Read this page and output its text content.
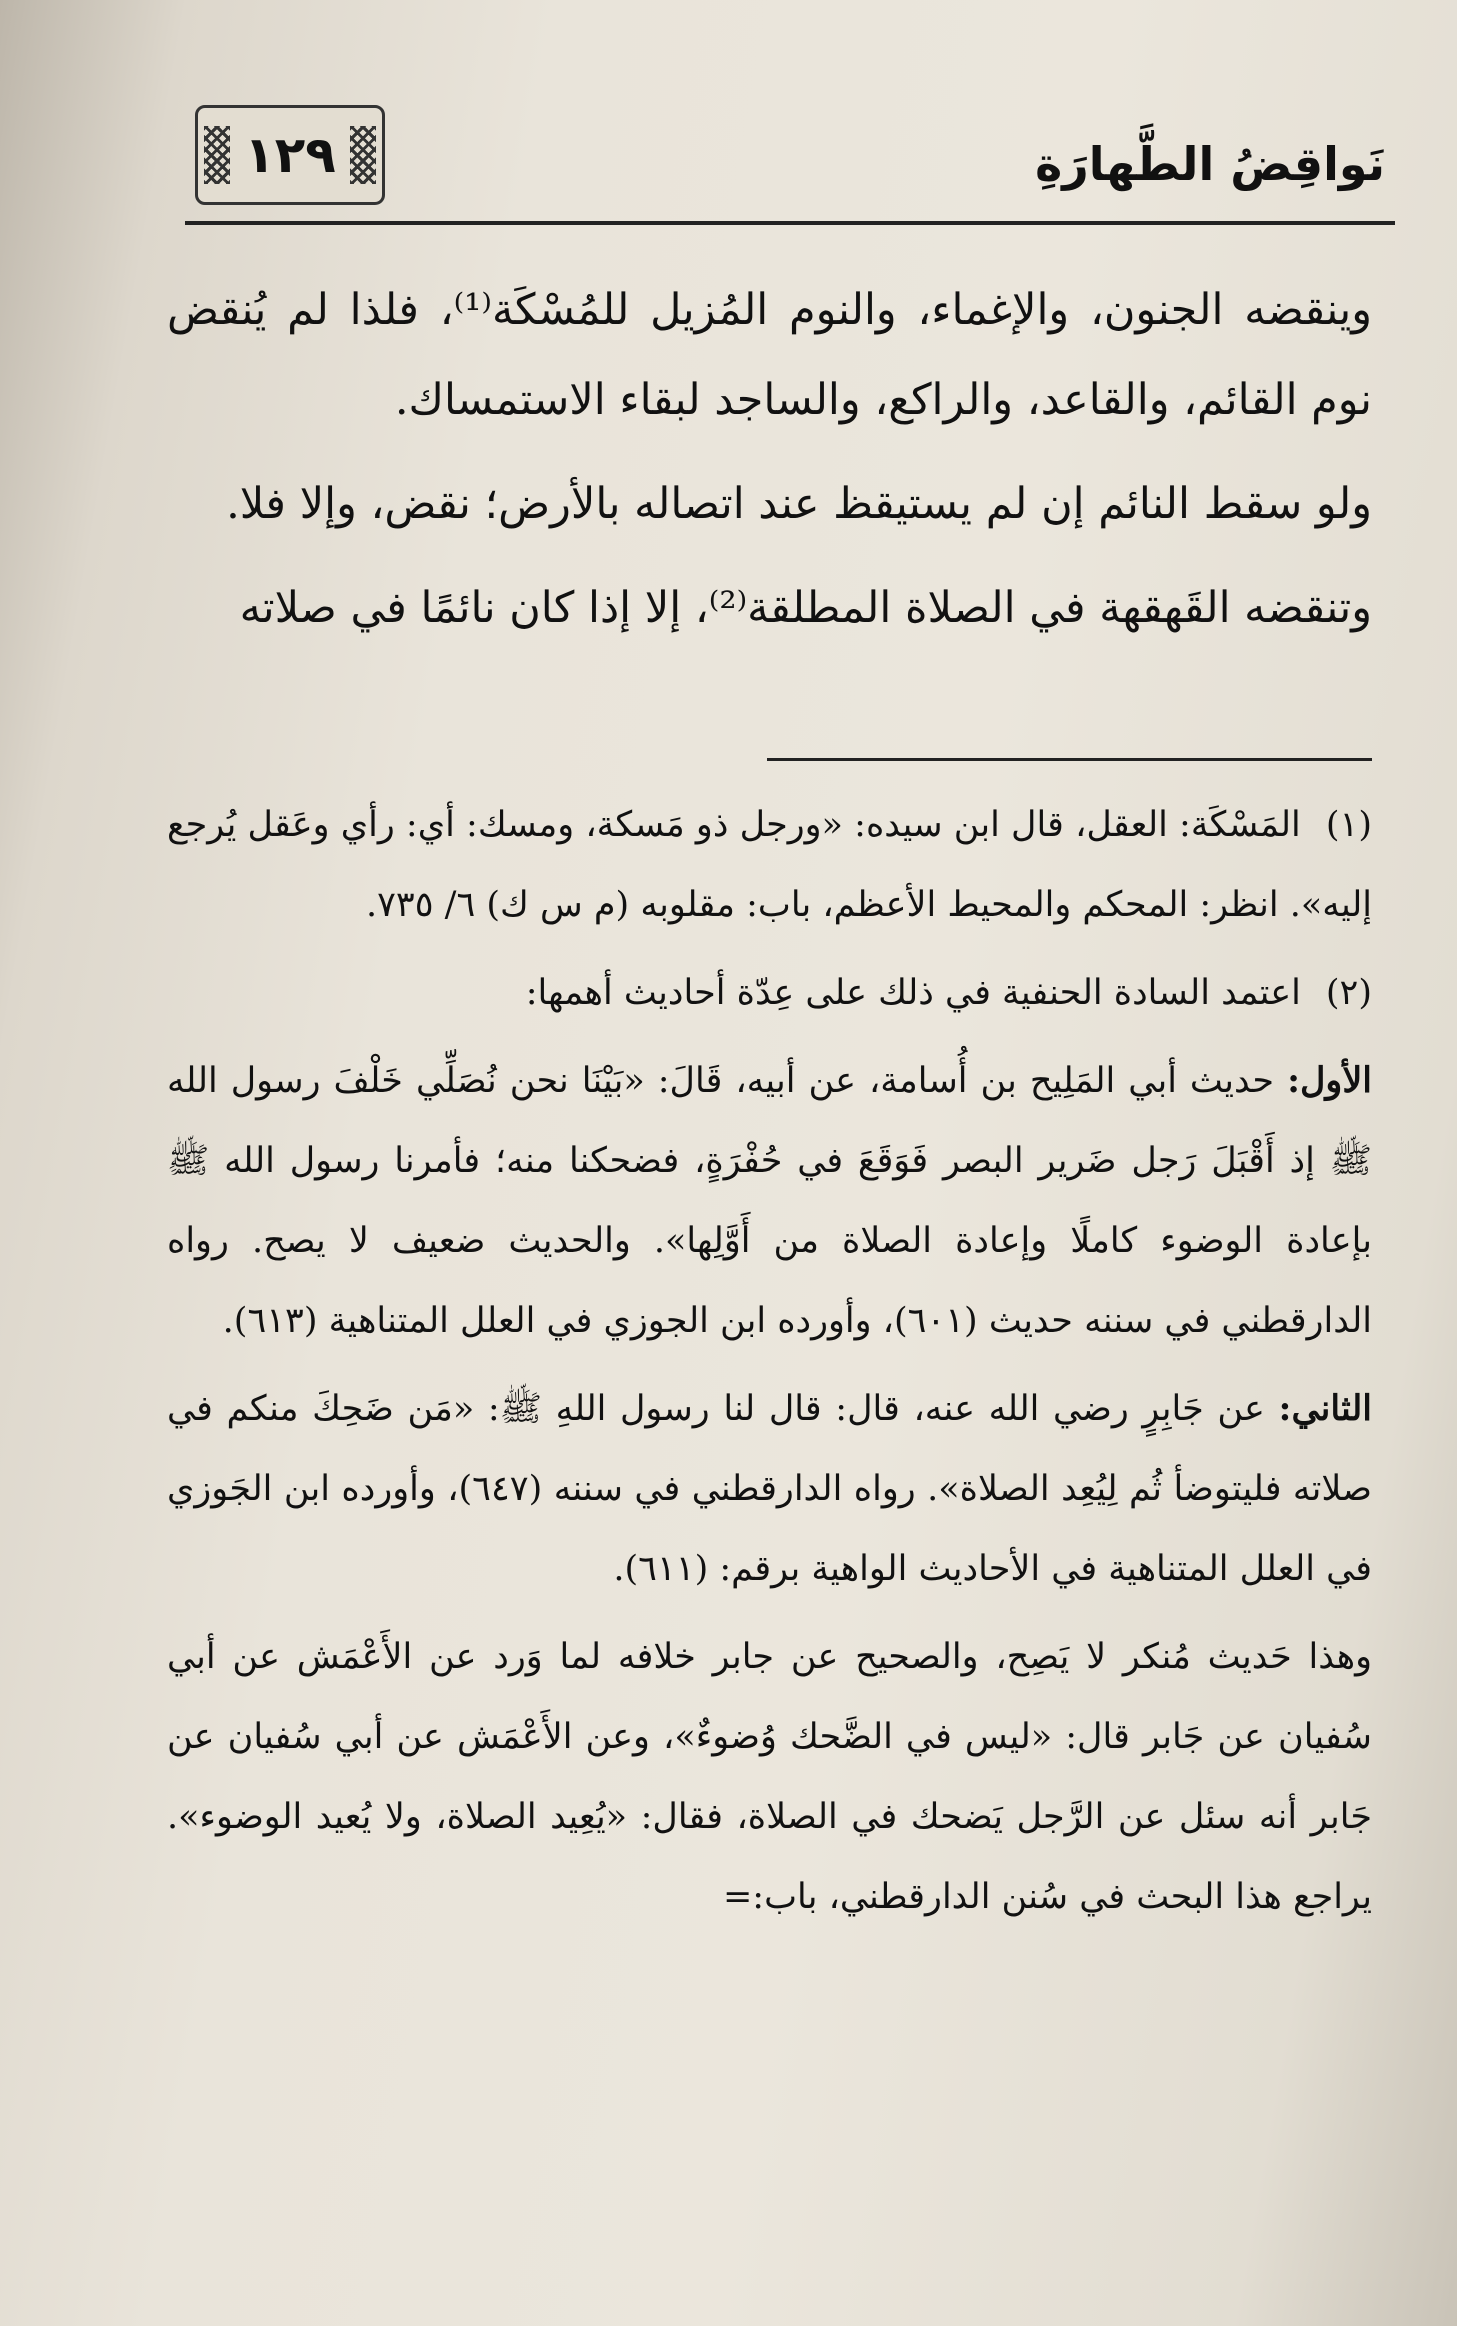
١٢٩	نَواقِضُ الطَّهارَةِ

وينقضه الجنون، والإغماء، والنوم المُزيل للمُسْكَة⁽¹⁾، فلذا لم يُنقض نوم القائم، والقاعد، والراكع، والساجد لبقاء الاستمساك.

ولو سقط النائم إن لم يستيقظ عند اتصاله بالأرض؛ نقض، وإلا فلا.

وتنقضه القَهقهة في الصلاة المطلقة⁽²⁾، إلا إذا كان نائمًا في صلاته

(١) المَسْكَة: العقل، قال ابن سيده: «ورجل ذو مَسكة، ومسك: أي: رأي وعَقل يُرجع إليه». انظر: المحكم والمحيط الأعظم، باب: مقلوبه (م س ك) ٦/ ٧٣٥.

(٢) اعتمد السادة الحنفية في ذلك على عِدّة أحاديث أهمها:

الأول: حديث أبي المَلِيح بن أُسامة، عن أبيه، قَالَ: «بَيْنَا نحن نُصَلِّي خَلْفَ رسول الله ﷺ إذ أَقْبَلَ رَجل ضَرير البصر فَوَقَعَ في حُفْرَةٍ، فضحكنا منه؛ فأمرنا رسول الله ﷺ بإعادة الوضوء كاملًا وإعادة الصلاة من أَوَّلِها». والحديث ضعيف لا يصح. رواه الدارقطني في سننه حديث (٦٠١)، وأورده ابن الجوزي في العلل المتناهية (٦١٣).

الثاني: عن جَابِرٍ رضي الله عنه، قال: قال لنا رسول اللهِ ﷺ: «مَن ضَحِكَ منكم في صلاته فليتوضأ ثُم لِيُعِد الصلاة». رواه الدارقطني في سننه (٦٤٧)، وأورده ابن الجَوزي في العلل المتناهية في الأحاديث الواهية برقم: (٦١١).

وهذا حَديث مُنكر لا يَصِح، والصحيح عن جابر خلافه لما وَرد عن الأَعْمَش عن أبي سُفيان عن جَابر قال: «ليس في الضَّحك وُضوءٌ»، وعن الأَعْمَش عن أبي سُفيان عن جَابر أنه سئل عن الرَّجل يَضحك في الصلاة، فقال: «يُعِيد الصلاة، ولا يُعيد الوضوء». يراجع هذا البحث في سُنن الدارقطني، باب:=
